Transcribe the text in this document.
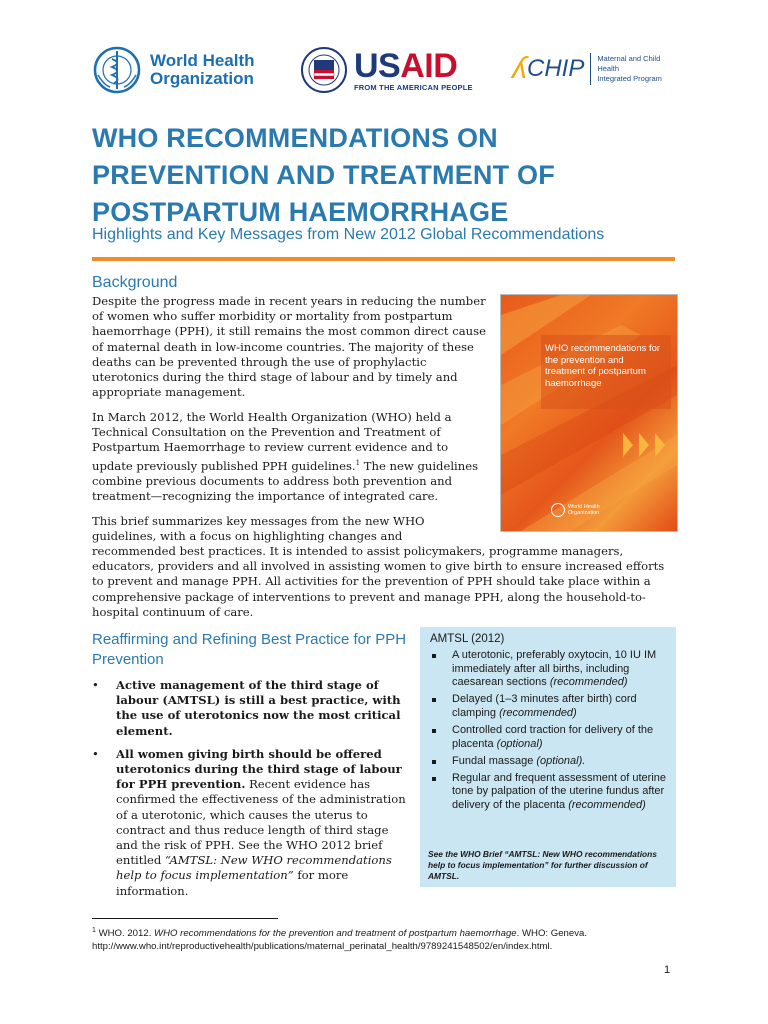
World Health
Organization	USAID
FROM THE AMERICAN PEOPLE
ʎ CHIP Maternal and Child Health
Integrated Program
WHO RECOMMENDATIONS ON
PREVENTION AND TREATMENT OF
POSTPARTUM HAEMORRHAGE
Highlights and Key Messages from New 2012 Global Recommendations
Background
Despite the progress made in recent years in reducing the number of women who suffer morbidity or mortality from postpartum haemorrhage (PPH), it still remains the most common direct cause of maternal death in low-income countries. The majority of these deaths can be prevented through the use of prophylactic uterotonics during the third stage of labour and by timely and appropriate management.
In March 2012, the World Health Organization (WHO) held a Technical Consultation on the Prevention and Treatment of Postpartum Haemorrhage to review current evidence and to update previously published PPH guidelines.$^1$ The new guidelines combine previous documents to address both prevention and treatment—recognizing the importance of integrated care.
This brief summarizes key messages from the new WHO guidelines, with a focus on highlighting changes and
recommended best practices. It is intended to assist policymakers, programme managers, educators, providers and all involved in assisting women to give birth to ensure increased efforts to prevent and manage PPH. All activities for the prevention of PPH should take place within a comprehensive package of interventions to prevent and manage PPH, along the household-to-hospital continuum of care.
WHO recommendations for the prevention and treatment of postpartum haemorrhage
World Health
Organization
Reaffirming and Refining Best Practice for PPH Prevention
• Active management of the third stage of labour (AMTSL) is still a best practice, with the use of uterotonics now the most critical element.
• All women giving birth should be offered uterotonics during the third stage of labour for PPH prevention. Recent evidence has confirmed the effectiveness of the administration of a uterotonic, which causes the uterus to contract and thus reduce length of third stage and the risk of PPH. See the WHO 2012 brief entitled “AMTSL: New WHO recommendations help to focus implementation” for more information.
AMTSL (2012)
A uterotonic, preferably oxytocin, 10 IU IM immediately after all births, including caesarean sections (recommended)
Delayed (1–3 minutes after birth) cord clamping (recommended)
Controlled cord traction for delivery of the placenta (optional)
Fundal massage (optional).
Regular and frequent assessment of uterine tone by palpation of the uterine fundus after delivery of the placenta (recommended)
See the WHO Brief “AMTSL: New WHO recommendations help to focus implementation” for further discussion of AMTSL.
$^1$ WHO. 2012. WHO recommendations for the prevention and treatment of postpartum haemorrhage. WHO: Geneva.
http://www.who.int/reproductivehealth/publications/maternal_perinatal_health/9789241548502/en/index.html.
1
